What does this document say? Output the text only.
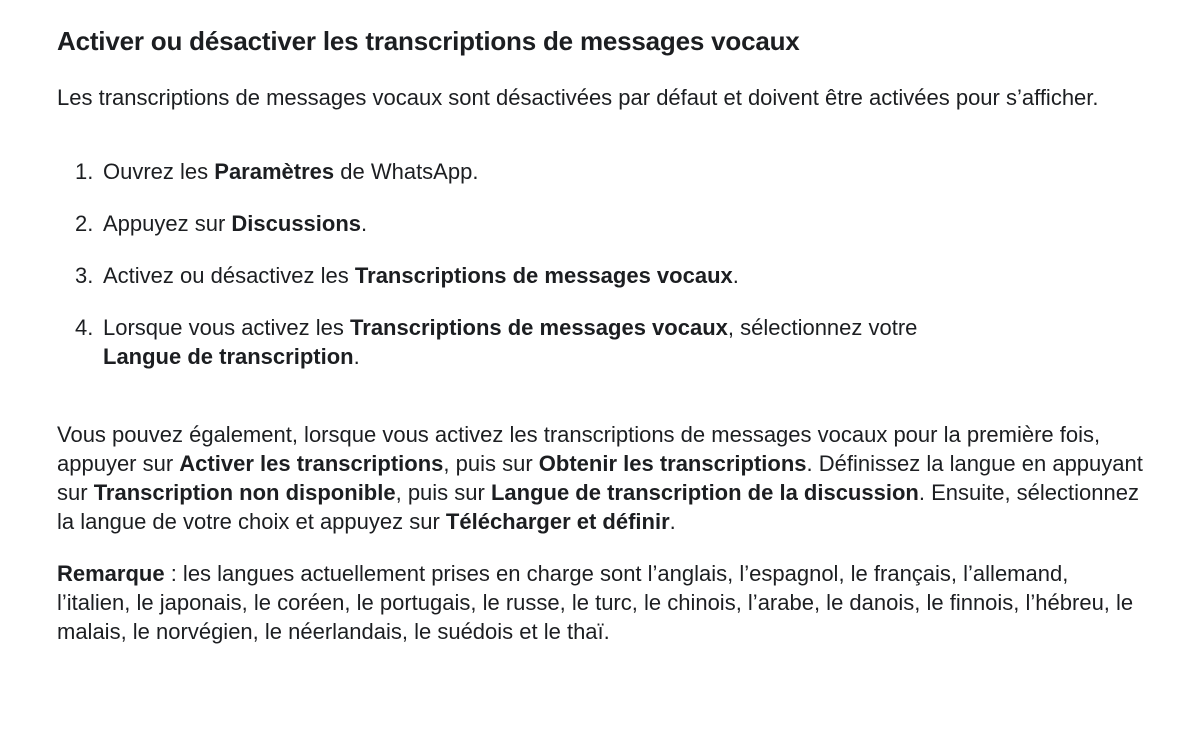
Activer ou désactiver les transcriptions de messages vocaux

Les transcriptions de messages vocaux sont désactivées par défaut et doivent être activées pour s’afficher.

1. Ouvrez les Paramètres de WhatsApp.
2. Appuyez sur Discussions.
3. Activez ou désactivez les Transcriptions de messages vocaux.
4. Lorsque vous activez les Transcriptions de messages vocaux, sélectionnez votre
Langue de transcription.

Vous pouvez également, lorsque vous activez les transcriptions de messages vocaux pour la première fois, appuyer sur Activer les transcriptions, puis sur Obtenir les transcriptions. Définissez la langue en appuyant sur Transcription non disponible, puis sur Langue de transcription de la discussion. Ensuite, sélectionnez la langue de votre choix et appuyez sur Télécharger et définir.

Remarque : les langues actuellement prises en charge sont l’anglais, l’espagnol, le français, l’allemand, l’italien, le japonais, le coréen, le portugais, le russe, le turc, le chinois, l’arabe, le danois, le finnois, l’hébreu, le malais, le norvégien, le néerlandais, le suédois et le thaï.
